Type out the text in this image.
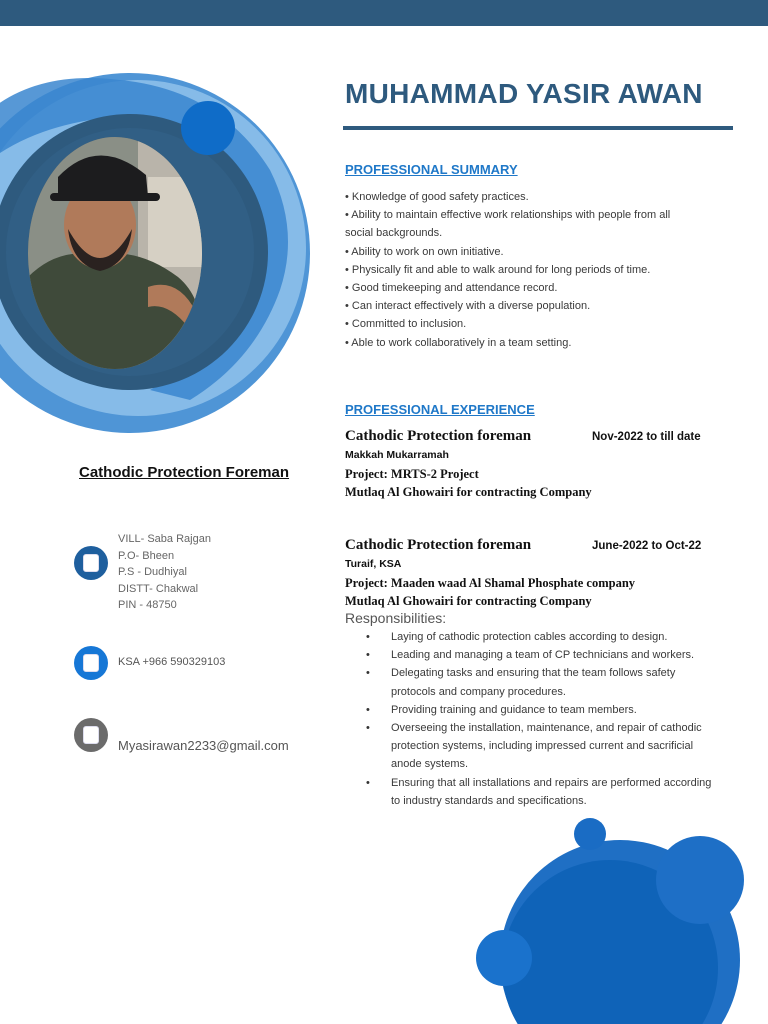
MUHAMMAD YASIR AWAN
PROFESSIONAL SUMMARY
• Knowledge of good safety practices.
• Ability to maintain effective work relationships with people from all
social backgrounds.
• Ability to work on own initiative.
• Physically fit and able to walk around for long periods of time.
• Good timekeeping and attendance record.
• Can interact effectively with a diverse population.
• Committed to inclusion.
• Able to work collaboratively in a team setting.
PROFESSIONAL EXPERIENCE
Cathodic Protection foreman	Nov-2022 to till date
Makkah Mukarramah
Project: MRTS-2 Project
Mutlaq Al Ghowairi for contracting Company
Cathodic Protection foreman	June-2022 to Oct-22
Turaif, KSA
Project: Maaden waad Al Shamal Phosphate company
Mutlaq Al Ghowairi for contracting Company
Responsibilities:
• Laying of cathodic protection cables according to design.
• Leading and managing a team of CP technicians and workers.
• Delegating tasks and ensuring that the team follows safety protocols and company procedures.
• Providing training and guidance to team members.
• Overseeing the installation, maintenance, and repair of cathodic protection systems, including impressed current and sacrificial anode systems.
• Ensuring that all installations and repairs are performed according to industry standards and specifications.
Cathodic Protection Foreman
VILL- Saba Rajgan
P.O- Bheen
P.S - Dudhiyal
DISTT- Chakwal
PIN - 48750
KSA +966 590329103
Myasirawan2233@gmail.com
